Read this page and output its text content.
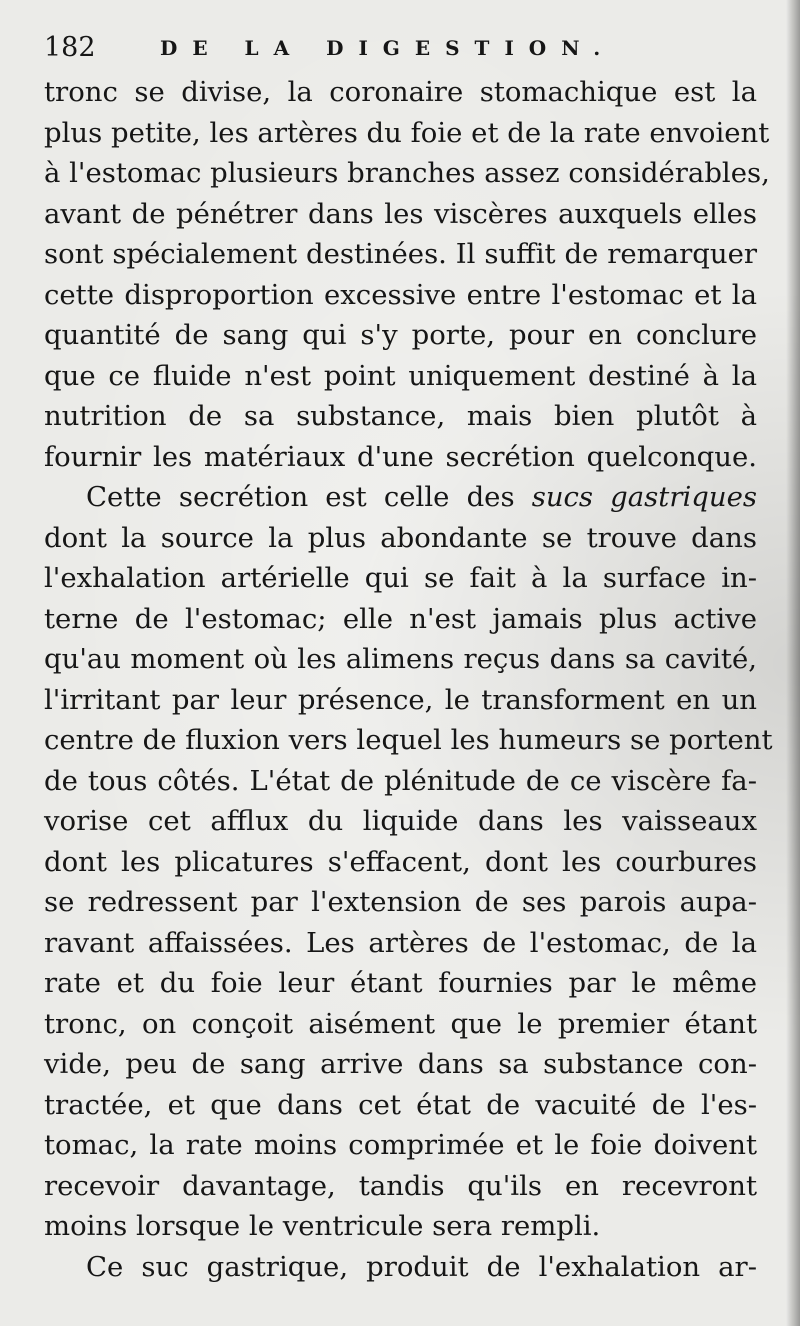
182	DE LA DIGESTION.
tronc se divise, la coronaire stomachique est la
plus petite, les artères du foie et de la rate envoient
à l'estomac plusieurs branches assez considérables,
avant de pénétrer dans les viscères auxquels elles
sont spécialement destinées. Il suffit de remarquer
cette disproportion excessive entre l'estomac et la
quantité de sang qui s'y porte, pour en conclure
que ce fluide n'est point uniquement destiné à la
nutrition de sa substance, mais bien plutôt à
fournir les matériaux d'une secrétion quelconque.
Cette secrétion est celle des sucs gastriques
dont la source la plus abondante se trouve dans
l'exhalation artérielle qui se fait à la surface in-
terne de l'estomac; elle n'est jamais plus active
qu'au moment où les alimens reçus dans sa cavité,
l'irritant par leur présence, le transforment en un
centre de fluxion vers lequel les humeurs se portent
de tous côtés. L'état de plénitude de ce viscère fa-
vorise cet afflux du liquide dans les vaisseaux
dont les plicatures s'effacent, dont les courbures
se redressent par l'extension de ses parois aupa-
ravant affaissées. Les artères de l'estomac, de la
rate et du foie leur étant fournies par le même
tronc, on conçoit aisément que le premier étant
vide, peu de sang arrive dans sa substance con-
tractée, et que dans cet état de vacuité de l'es-
tomac, la rate moins comprimée et le foie doivent
recevoir davantage, tandis qu'ils en recevront
moins lorsque le ventricule sera rempli.
Ce suc gastrique, produit de l'exhalation ar-
